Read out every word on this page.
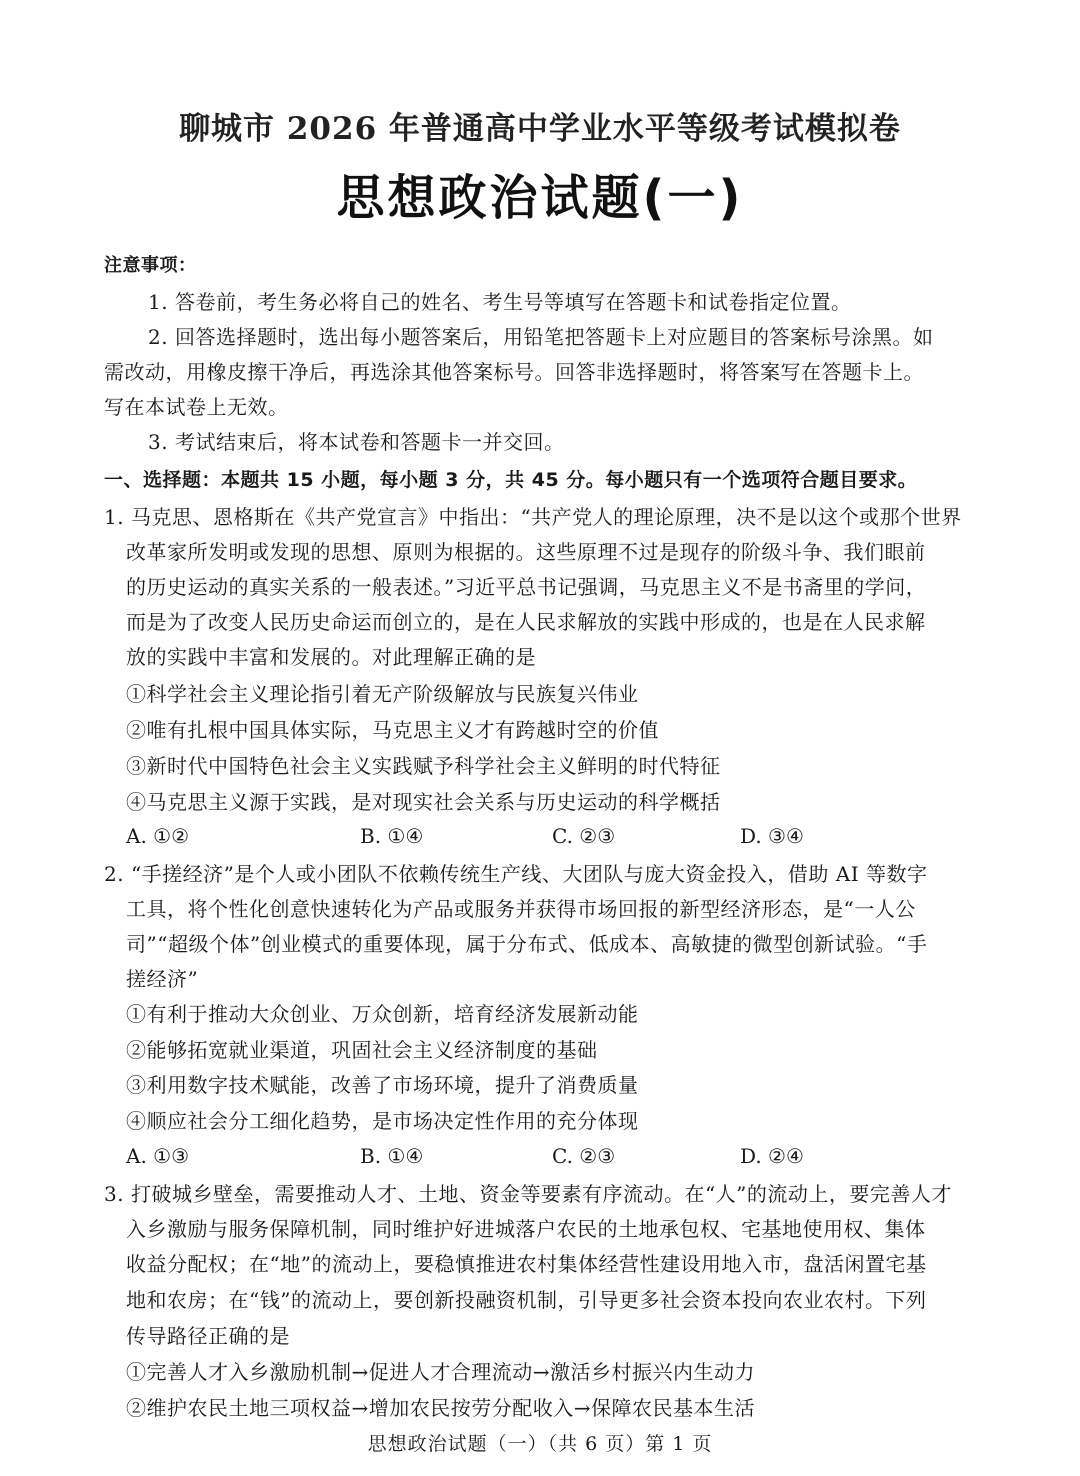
聊城市 2026 年普通高中学业水平等级考试模拟卷
思想政治试题(一)
注意事项：
1. 答卷前，考生务必将自己的姓名、考生号等填写在答题卡和试卷指定位置。
2. 回答选择题时，选出每小题答案后，用铅笔把答题卡上对应题目的答案标号涂黑。如
需改动，用橡皮擦干净后，再选涂其他答案标号。回答非选择题时，将答案写在答题卡上。
写在本试卷上无效。
3. 考试结束后，将本试卷和答题卡一并交回。
一、选择题：本题共 15 小题，每小题 3 分，共 45 分。每小题只有一个选项符合题目要求。
1. 马克思、恩格斯在《共产党宣言》中指出：“共产党人的理论原理，决不是以这个或那个世界
改革家所发明或发现的思想、原则为根据的。这些原理不过是现存的阶级斗争、我们眼前
的历史运动的真实关系的一般表述。”习近平总书记强调，马克思主义不是书斋里的学问，
而是为了改变人民历史命运而创立的，是在人民求解放的实践中形成的，也是在人民求解
放的实践中丰富和发展的。对此理解正确的是
①科学社会主义理论指引着无产阶级解放与民族复兴伟业
②唯有扎根中国具体实际，马克思主义才有跨越时空的价值
③新时代中国特色社会主义实践赋予科学社会主义鲜明的时代特征
④马克思主义源于实践，是对现实社会关系与历史运动的科学概括
A. ①②	B. ①④	C. ②③	D. ③④
2. “手搓经济”是个人或小团队不依赖传统生产线、大团队与庞大资金投入，借助 AI 等数字
工具，将个性化创意快速转化为产品或服务并获得市场回报的新型经济形态，是“一人公
司”“超级个体”创业模式的重要体现，属于分布式、低成本、高敏捷的微型创新试验。“手
搓经济”
①有利于推动大众创业、万众创新，培育经济发展新动能
②能够拓宽就业渠道，巩固社会主义经济制度的基础
③利用数字技术赋能，改善了市场环境，提升了消费质量
④顺应社会分工细化趋势，是市场决定性作用的充分体现
A. ①③	B. ①④	C. ②③	D. ②④
3. 打破城乡壁垒，需要推动人才、土地、资金等要素有序流动。在“人”的流动上，要完善人才
入乡激励与服务保障机制，同时维护好进城落户农民的土地承包权、宅基地使用权、集体
收益分配权；在“地”的流动上，要稳慎推进农村集体经营性建设用地入市，盘活闲置宅基
地和农房；在“钱”的流动上，要创新投融资机制，引导更多社会资本投向农业农村。下列
传导路径正确的是
①完善人才入乡激励机制→促进人才合理流动→激活乡村振兴内生动力
②维护农民土地三项权益→增加农民按劳分配收入→保障农民基本生活
思想政治试题（一）（共 6 页）第 1 页
